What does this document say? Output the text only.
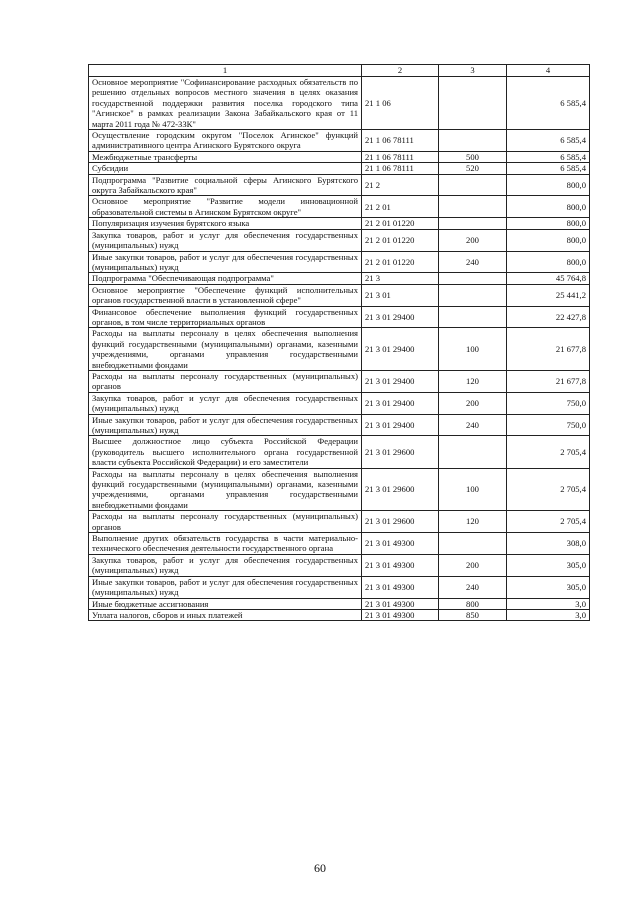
1	2	3	4
Основное мероприятие "Софинансирование расходных обязательств по решению отдельных вопросов местного значения в целях оказания государственной поддержки развития поселка городского типа "Агинское" в рамках реализации Закона Забайкальского края от 11 марта 2011 года № 472-ЗЗК"	21 1 06		6 585,4
Осуществление городским округом "Поселок Агинское" функций административного центра Агинского Бурятского округа	21 1 06 78111		6 585,4
Межбюджетные трансферты	21 1 06 78111	500	6 585,4
Субсидии	21 1 06 78111	520	6 585,4
Подпрограмма "Развитие социальной сферы Агинского Бурятского округа Забайкальского края"	21 2		800,0
Основное мероприятие "Развитие модели инновационной образовательной системы в Агинском Бурятском округе"	21 2 01		800,0
Популяризация изучения бурятского языка	21 2 01 01220		800,0
Закупка товаров, работ и услуг для обеспечения государственных (муниципальных) нужд	21 2 01 01220	200	800,0
Иные закупки товаров, работ и услуг для обеспечения государственных (муниципальных) нужд	21 2 01 01220	240	800,0
Подпрограмма "Обеспечивающая подпрограмма"	21 3		45 764,8
Основное мероприятие "Обеспечение функций исполнительных органов государственной власти в установленной сфере"	21 3 01		25 441,2
Финансовое обеспечение выполнения функций государственных органов, в том числе территориальных органов	21 3 01 29400		22 427,8
Расходы на выплаты персоналу в целях обеспечения выполнения функций государственными (муниципальными) органами, казенными учреждениями, органами управления государственными внебюджетными фондами	21 3 01 29400	100	21 677,8
Расходы на выплаты персоналу государственных (муниципальных) органов	21 3 01 29400	120	21 677,8
Закупка товаров, работ и услуг для обеспечения государственных (муниципальных) нужд	21 3 01 29400	200	750,0
Иные закупки товаров, работ и услуг для обеспечения государственных (муниципальных) нужд	21 3 01 29400	240	750,0
Высшее должностное лицо субъекта Российской Федерации (руководитель высшего исполнительного органа государственной власти субъекта Российской Федерации) и его заместители	21 3 01 29600		2 705,4
Расходы на выплаты персоналу в целях обеспечения выполнения функций государственными (муниципальными) органами, казенными учреждениями, органами управления государственными внебюджетными фондами	21 3 01 29600	100	2 705,4
Расходы на выплаты персоналу государственных (муниципальных) органов	21 3 01 29600	120	2 705,4
Выполнение других обязательств государства в части материально-технического обеспечения деятельности государственного органа	21 3 01 49300		308,0
Закупка товаров, работ и услуг для обеспечения государственных (муниципальных) нужд	21 3 01 49300	200	305,0
Иные закупки товаров, работ и услуг для обеспечения государственных (муниципальных) нужд	21 3 01 49300	240	305,0
Иные бюджетные ассигнования	21 3 01 49300	800	3,0
Уплата налогов, сборов и иных платежей	21 3 01 49300	850	3,0
60
